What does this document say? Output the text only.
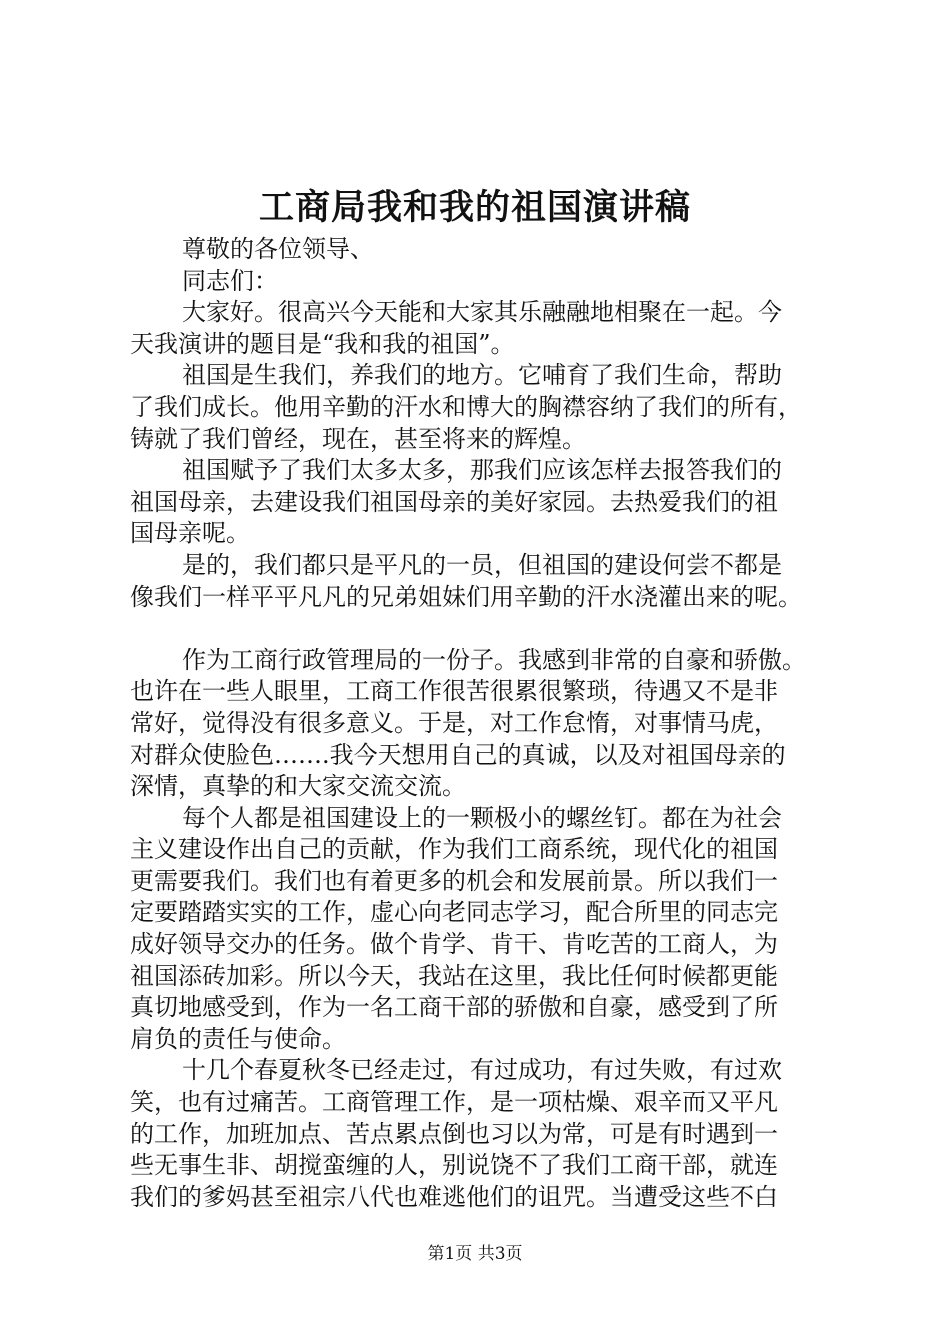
工商局我和我的祖国演讲稿
尊敬的各位领导、
同志们：
大家好。很高兴今天能和大家其乐融融地相聚在一起。今
天我演讲的题目是“我和我的祖国”。
祖国是生我们，养我们的地方。它哺育了我们生命，帮助
了我们成长。他用辛勤的汗水和博大的胸襟容纳了我们的所有，
铸就了我们曾经，现在，甚至将来的辉煌。
祖国赋予了我们太多太多，那我们应该怎样去报答我们的
祖国母亲，去建设我们祖国母亲的美好家园。去热爱我们的祖
国母亲呢。
是的，我们都只是平凡的一员，但祖国的建设何尝不都是
像我们一样平平凡凡的兄弟姐妹们用辛勤的汗水浇灌出来的呢。
作为工商行政管理局的一份子。我感到非常的自豪和骄傲。
也许在一些人眼里，工商工作很苦很累很繁琐，待遇又不是非
常好，觉得没有很多意义。于是，对工作怠惰，对事情马虎，
对群众使脸色…….我今天想用自己的真诚，以及对祖国母亲的
深情，真挚的和大家交流交流。
每个人都是祖国建设上的一颗极小的螺丝钉。都在为社会
主义建设作出自己的贡献，作为我们工商系统，现代化的祖国
更需要我们。我们也有着更多的机会和发展前景。所以我们一
定要踏踏实实的工作，虚心向老同志学习，配合所里的同志完
成好领导交办的任务。做个肯学、肯干、肯吃苦的工商人，为
祖国添砖加彩。所以今天，我站在这里，我比任何时候都更能
真切地感受到，作为一名工商干部的骄傲和自豪，感受到了所
肩负的责任与使命。
十几个春夏秋冬已经走过，有过成功，有过失败，有过欢
笑，也有过痛苦。工商管理工作，是一项枯燥、艰辛而又平凡
的工作，加班加点、苦点累点倒也习以为常，可是有时遇到一
些无事生非、胡搅蛮缠的人，别说饶不了我们工商干部，就连
我们的爹妈甚至祖宗八代也难逃他们的诅咒。当遭受这些不白
第1页 共3页
